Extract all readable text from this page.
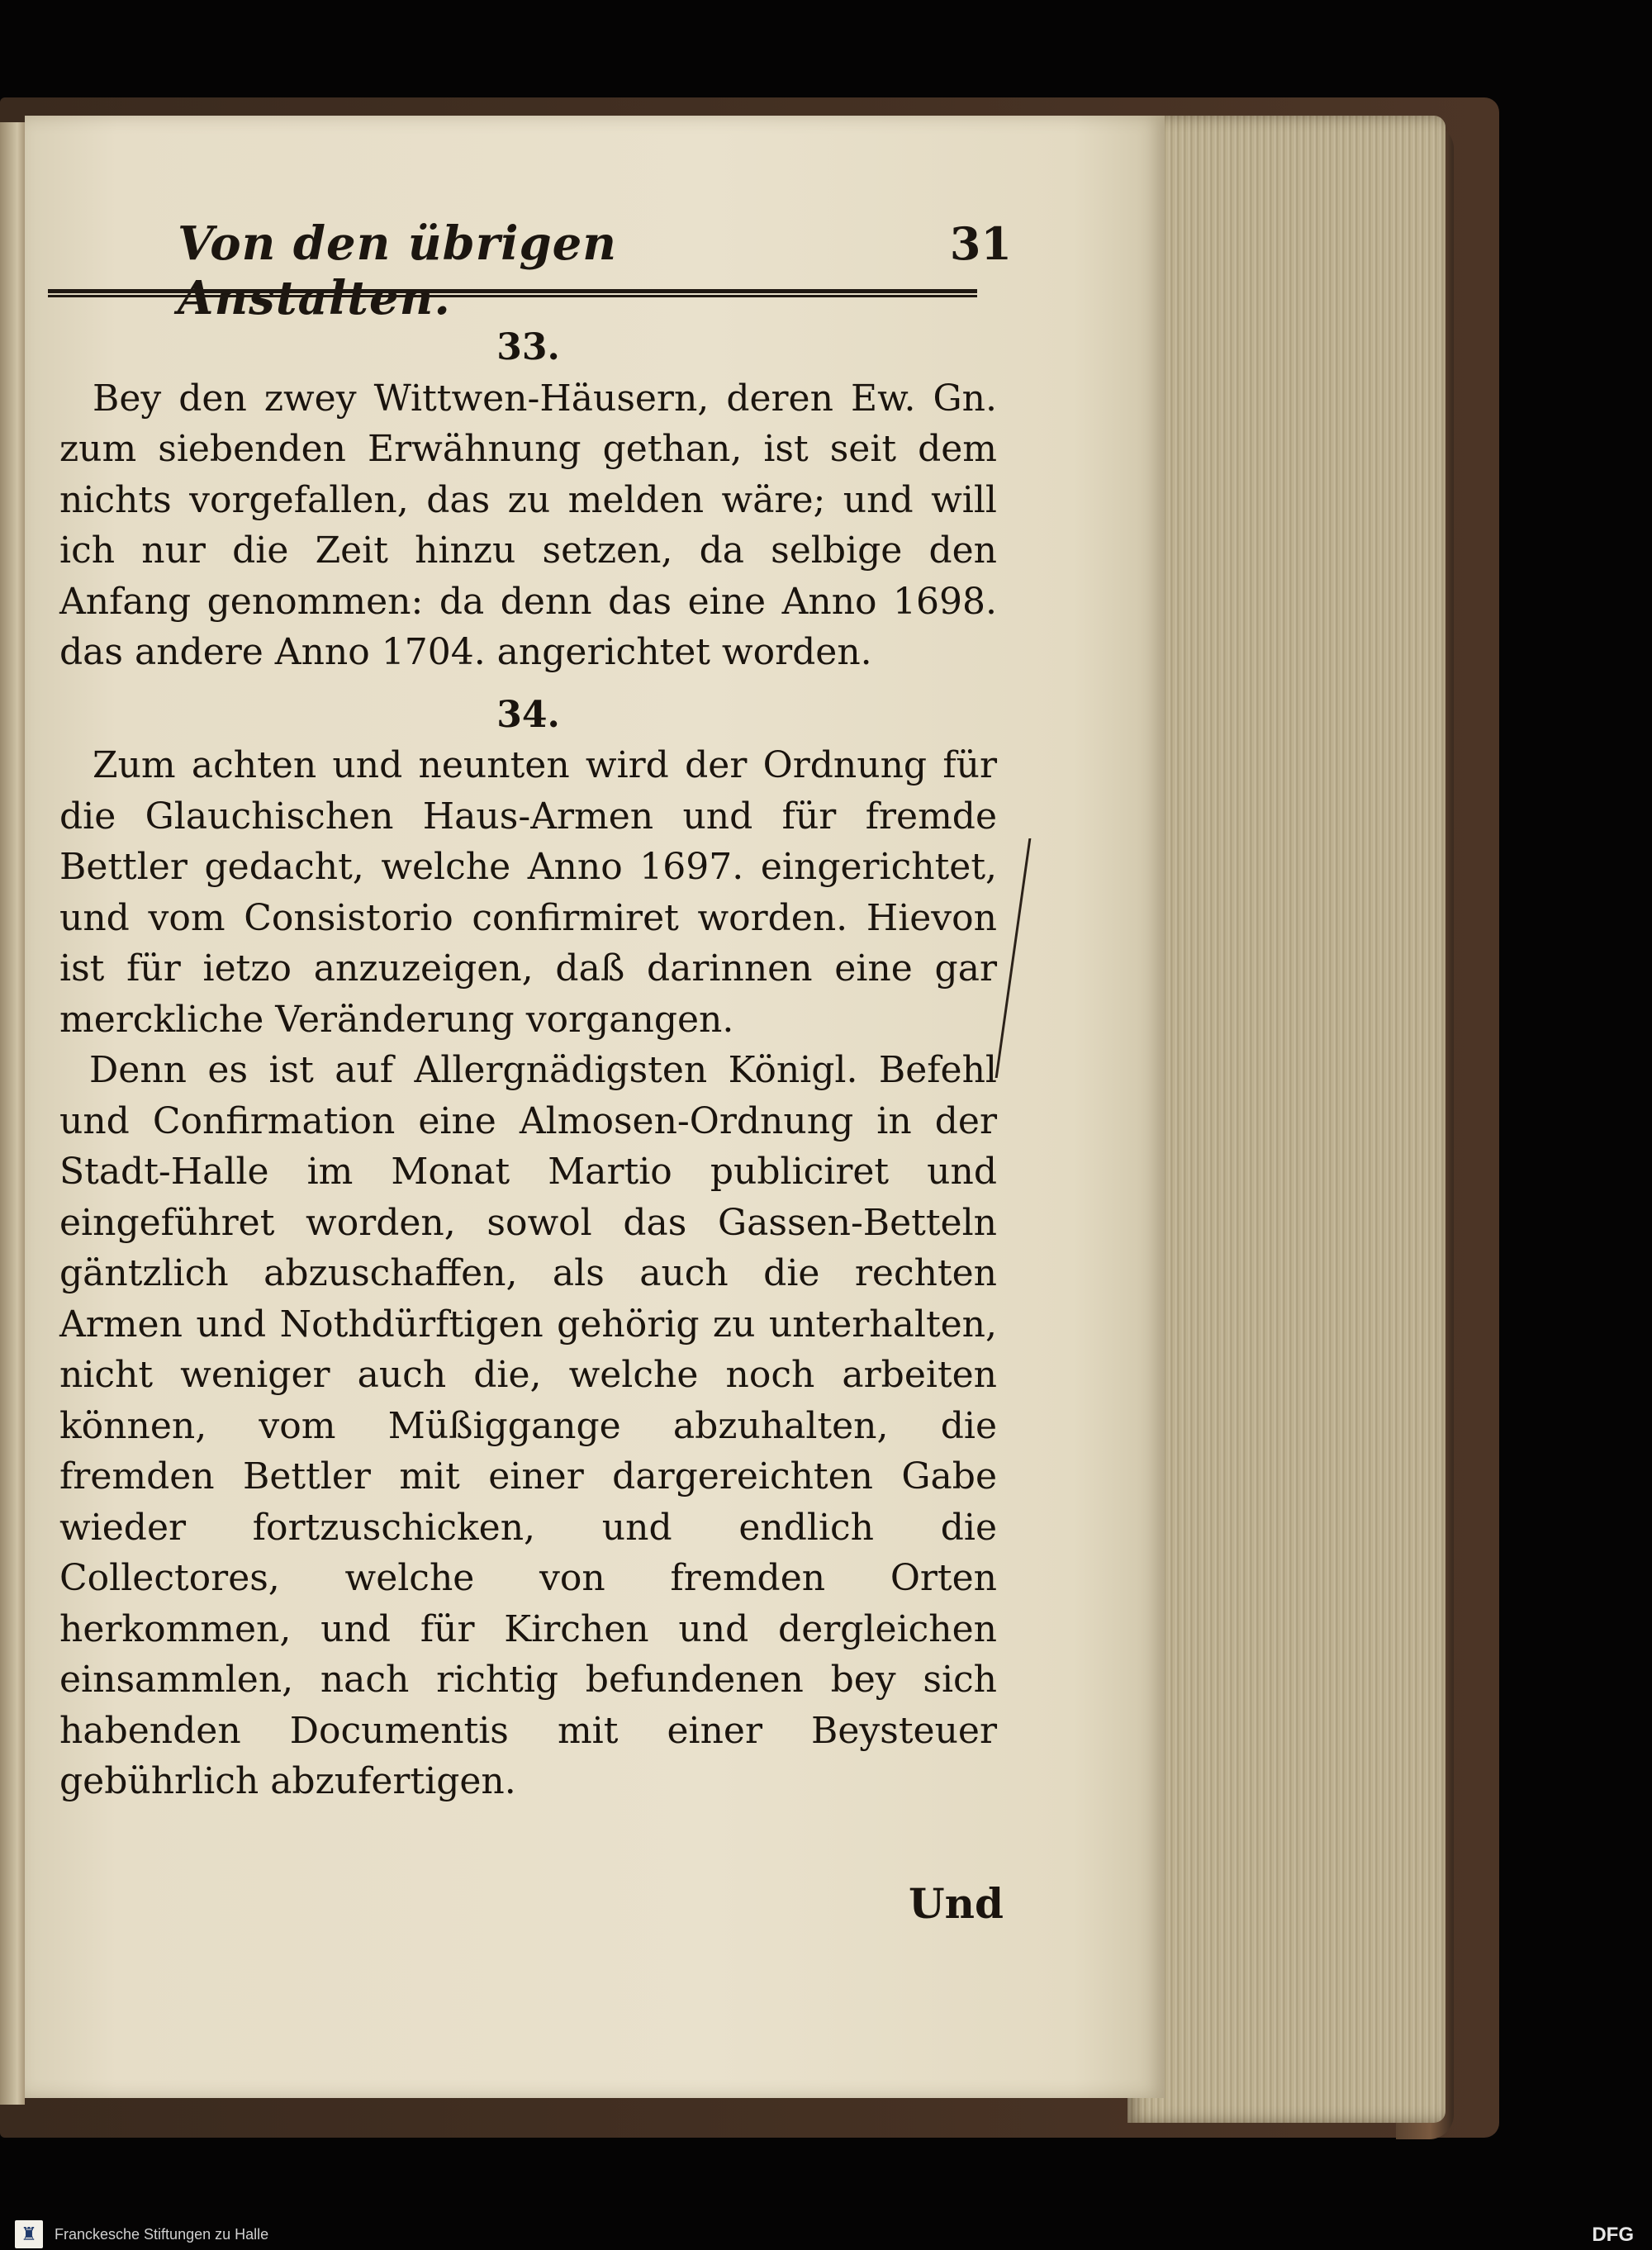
Von den übrigen Anstalten.
31

33.

Bey den zwey Wittwen-Häusern, deren Ew. Gn. zum siebenden Erwähnung gethan, ist seit dem nichts vorgefallen, das zu melden wäre; und will ich nur die Zeit hinzu setzen, da selbige den Anfang genommen: da denn das eine Anno 1698. das andere Anno 1704. angerichtet worden.

34.

Zum achten und neunten wird der Ordnung für die Glauchischen Haus-Armen und für fremde Bettler gedacht, welche Anno 1697. eingerichtet, und vom Consistorio confirmiret worden. Hievon ist für ietzo anzuzeigen, daß darinnen eine gar merckliche Veränderung vorgangen.

Denn es ist auf Allergnädigsten Königl. Befehl und Confirmation eine Almosen-Ordnung in der Stadt-Halle im Monat Martio publiciret und eingeführet worden, sowol das Gassen-Betteln gäntzlich abzuschaffen, als auch die rechten Armen und Nothdürftigen gehörig zu unterhalten, nicht weniger auch die, welche noch arbeiten können, vom Müßiggange abzuhalten, die fremden Bettler mit einer dargereichten Gabe wieder fortzuschicken, und endlich die Collectores, welche von fremden Orten herkommen, und für Kirchen und dergleichen einsammlen, nach richtig befundenen bey sich habenden Documentis mit einer Beysteuer gebührlich abzufertigen.

Und
♜	Franckesche Stiftungen zu Halle	DFG
